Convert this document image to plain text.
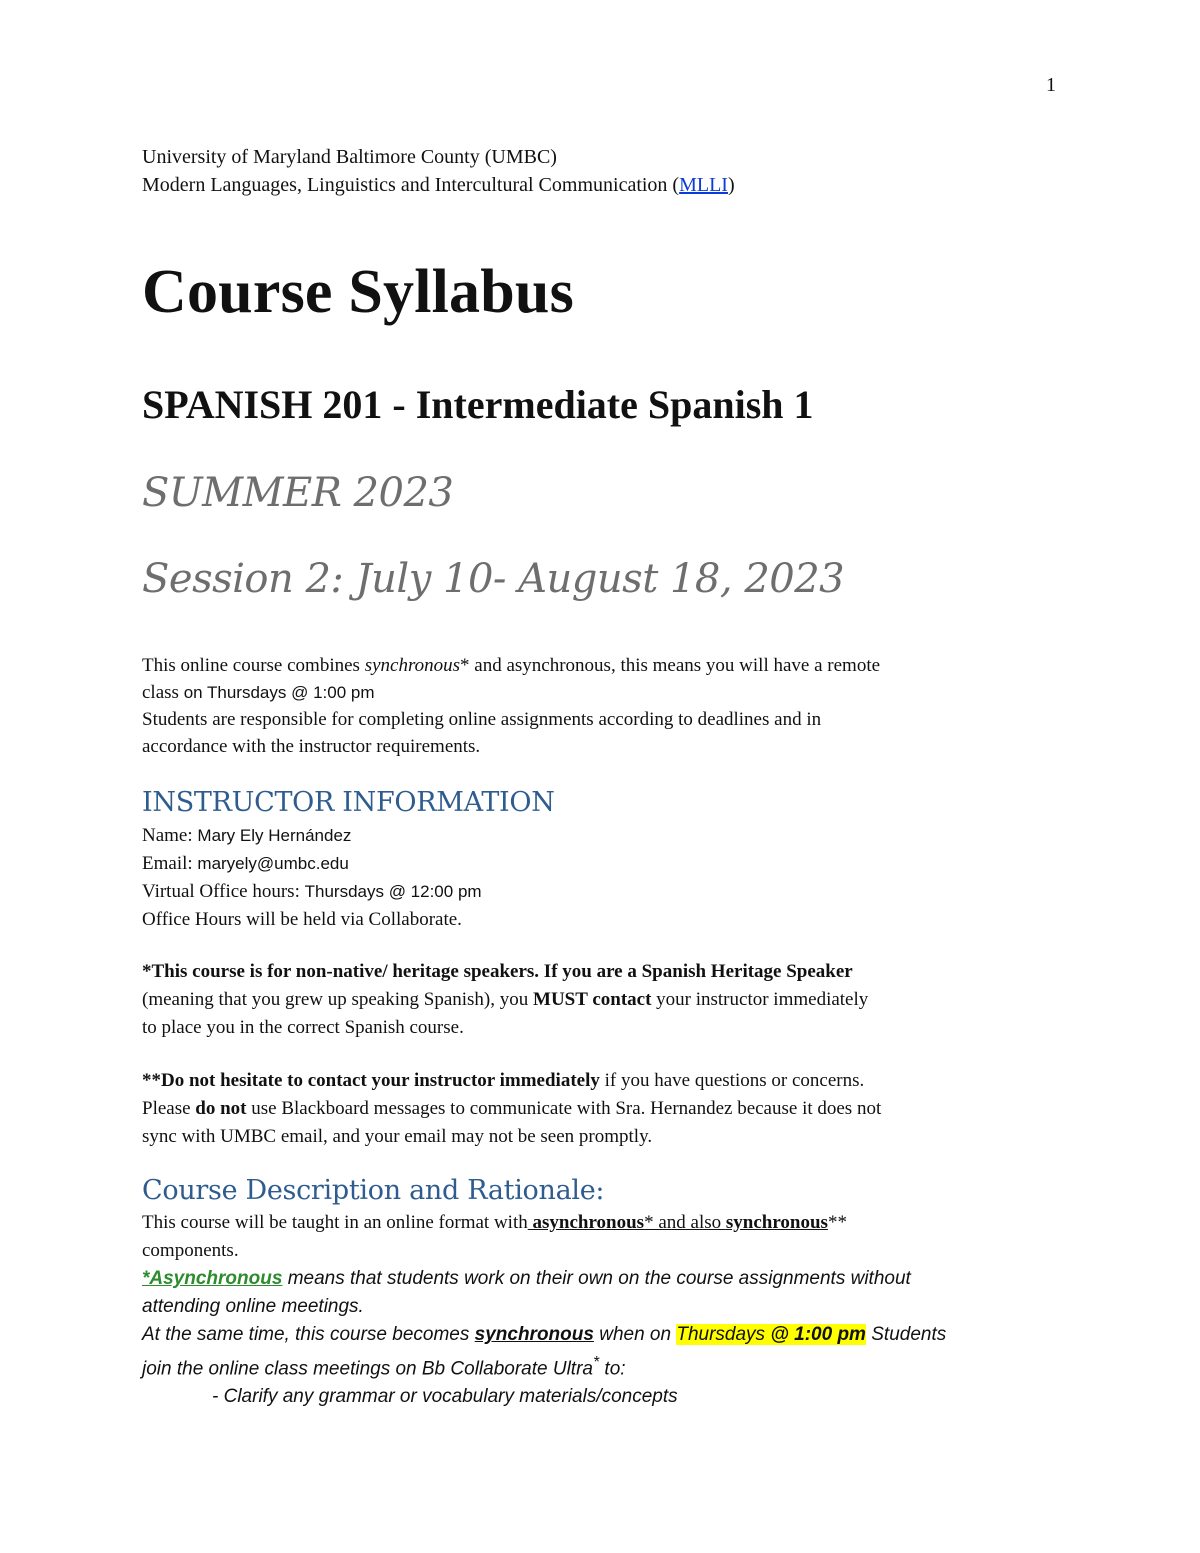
1
University of Maryland Baltimore County (UMBC)
Modern Languages, Linguistics and Intercultural Communication (MLLI)
Course Syllabus
SPANISH 201 - Intermediate Spanish 1
SUMMER 2023
Session 2: July 10- August 18, 2023
This online course combines synchronous* and asynchronous, this means you will have a remote
class on Thursdays @ 1:00 pm
Students are responsible for completing online assignments according to deadlines and in
accordance with the instructor requirements.
INSTRUCTOR INFORMATION
Name: Mary Ely Hernández
Email: maryely@umbc.edu
Virtual Office hours: Thursdays @ 12:00 pm
Office Hours will be held via Collaborate.
*This course is for non-native/ heritage speakers. If you are a Spanish Heritage Speaker
(meaning that you grew up speaking Spanish), you MUST contact your instructor immediately
to place you in the correct Spanish course.
**Do not hesitate to contact your instructor immediately if you have questions or concerns.
Please do not use Blackboard messages to communicate with Sra. Hernandez because it does not
sync with UMBC email, and your email may not be seen promptly.
Course Description and Rationale:
This course will be taught in an online format with asynchronous* and also synchronous**
components.
*Asynchronous means that students work on their own on the course assignments without
attending online meetings.
At the same time, this course becomes synchronous when on Thursdays @ 1:00 pm Students
join the online class meetings on Bb Collaborate Ultra* to:
- Clarify any grammar or vocabulary materials/concepts
